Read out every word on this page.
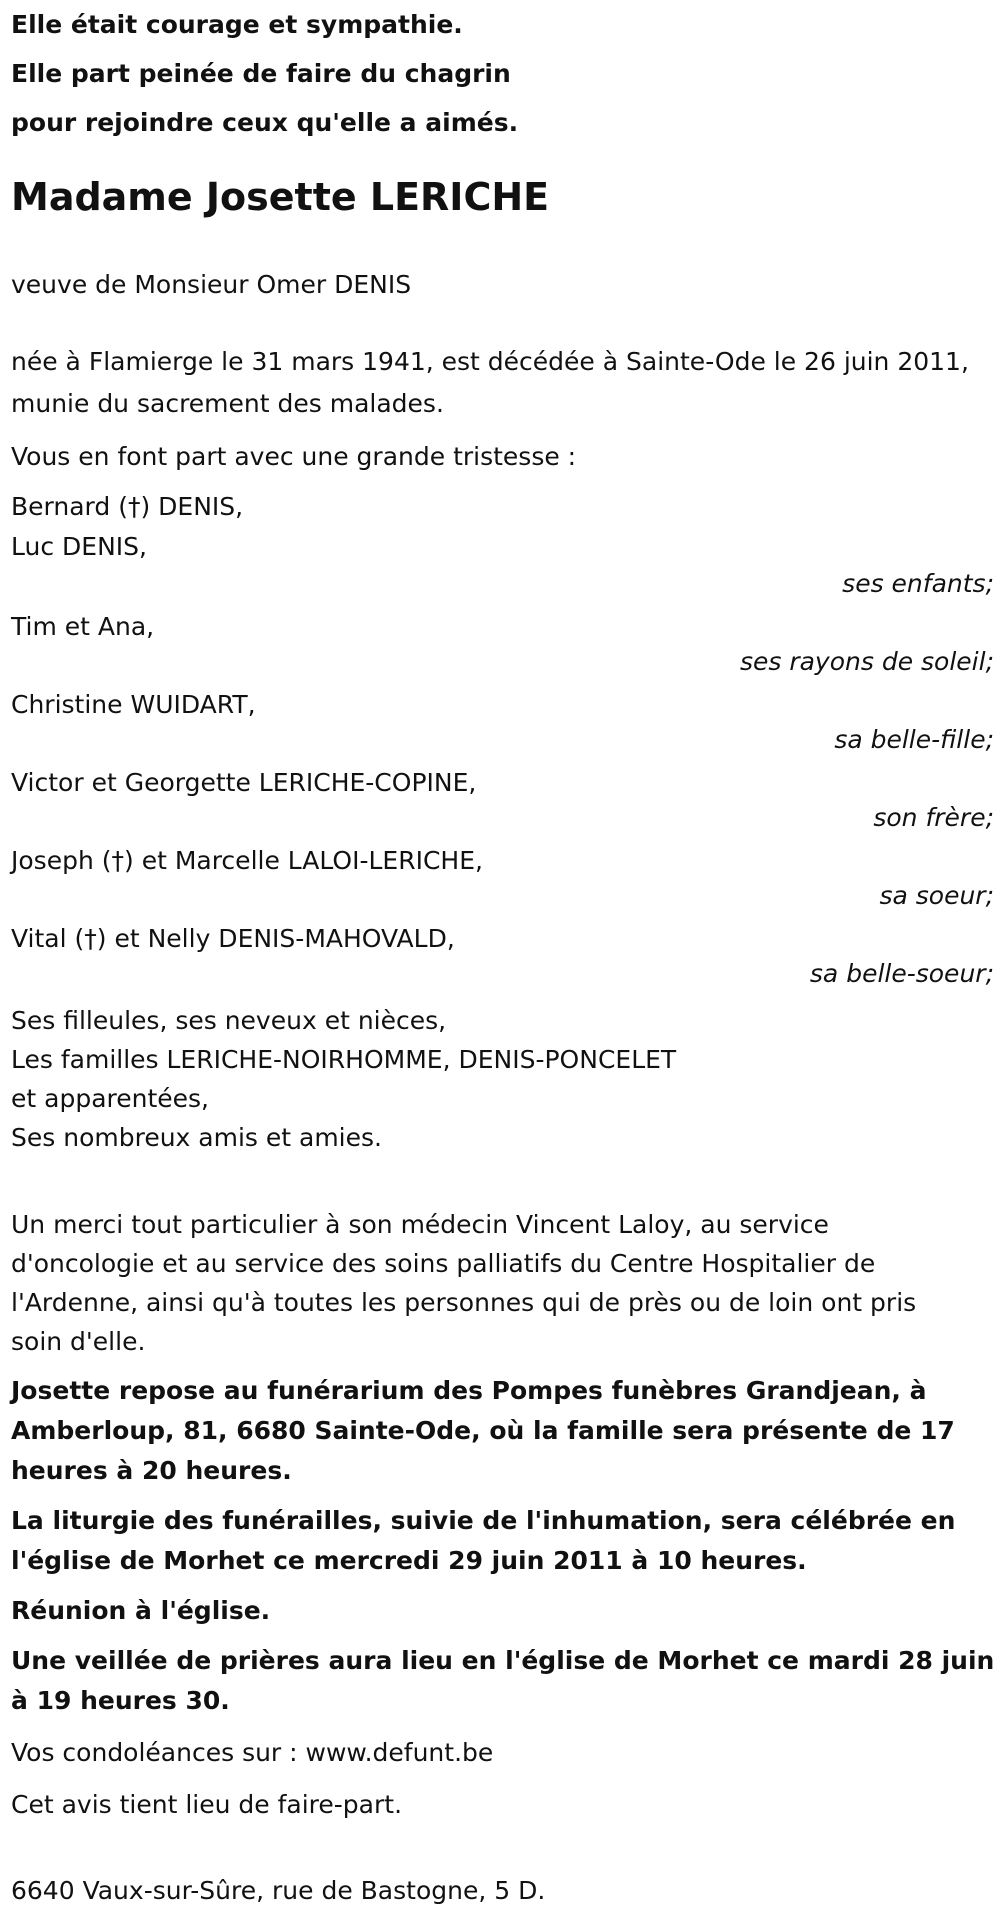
Elle était courage et sympathie.

Elle part peinée de faire du chagrin

pour rejoindre ceux qu'elle a aimés.

Madame Josette LERICHE

veuve de Monsieur Omer DENIS

née à Flamierge le 31 mars 1941, est décédée à Sainte-Ode le 26 juin 2011,
munie du sacrement des malades.

Vous en font part avec une grande tristesse :

Bernard (†) DENIS,
Luc DENIS,
ses enfants;
Tim et Ana,
ses rayons de soleil;
Christine WUIDART,
sa belle-fille;
Victor et Georgette LERICHE-COPINE,
son frère;
Joseph (†) et Marcelle LALOI-LERICHE,
sa soeur;
Vital (†) et Nelly DENIS-MAHOVALD,
sa belle-soeur;
Ses filleules, ses neveux et nièces,
Les familles LERICHE-NOIRHOMME, DENIS-PONCELET
et apparentées,
Ses nombreux amis et amies.
Un merci tout particulier à son médecin Vincent Laloy, au service
d'oncologie et au service des soins palliatifs du Centre Hospitalier de
l'Ardenne, ainsi qu'à toutes les personnes qui de près ou de loin ont pris
soin d'elle.
Josette repose au funérarium des Pompes funèbres Grandjean, à
Amberloup, 81, 6680 Sainte-Ode, où la famille sera présente de 17
heures à 20 heures.
La liturgie des funérailles, suivie de l'inhumation, sera célébrée en
l'église de Morhet ce mercredi 29 juin 2011 à 10 heures.
Réunion à l'église.
Une veillée de prières aura lieu en l'église de Morhet ce mardi 28 juin
à 19 heures 30.
Vos condoléances sur : www.defunt.be
Cet avis tient lieu de faire-part.
6640 Vaux-sur-Sûre, rue de Bastogne, 5 D.
